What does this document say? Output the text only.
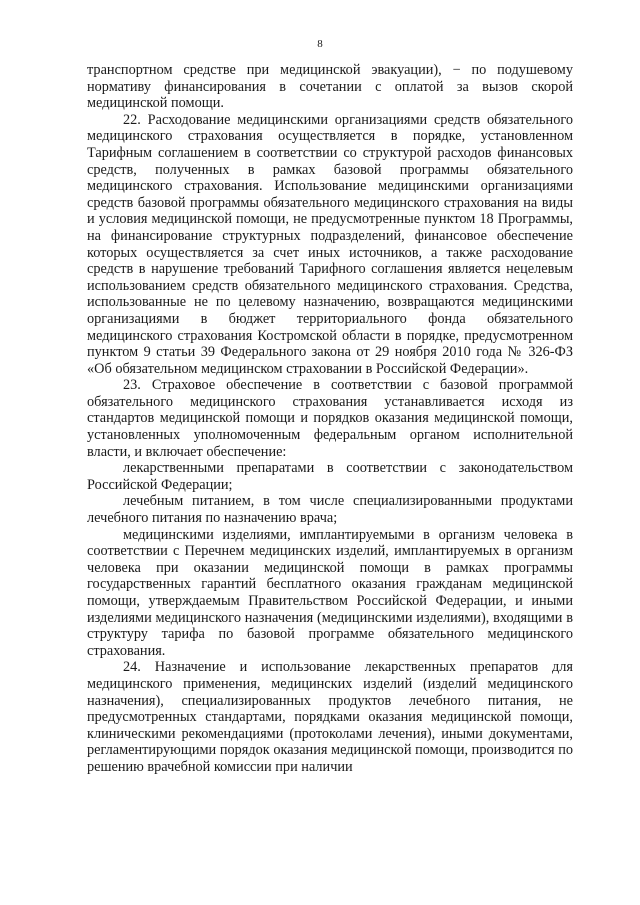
8

транспортном средстве при медицинской эвакуации), − по подушевому нормативу финансирования в сочетании с оплатой за вызов скорой медицинской помощи.

22. Расходование медицинскими организациями средств обязательного медицинского страхования осуществляется в порядке, установленном Тарифным соглашением в соответствии со структурой расходов финансовых средств, полученных в рамках базовой программы обязательного медицинского страхования. Использование медицинскими организациями средств базовой программы обязательного медицинского страхования на виды и условия медицинской помощи, не предусмотренные пунктом 18 Программы, на финансирование структурных подразделений, финансовое обеспечение которых осуществляется за счет иных источников, а также расходование средств в нарушение требований Тарифного соглашения является нецелевым использованием средств обязательного медицинского страхования. Средства, использованные не по целевому назначению, возвращаются медицинскими организациями в бюджет территориального фонда обязательного медицинского страхования Костромской области в порядке, предусмотренном пунктом 9 статьи 39 Федерального закона от 29 ноября 2010 года № 326-ФЗ «Об обязательном медицинском страховании в Российской Федерации».

23. Страховое обеспечение в соответствии с базовой программой обязательного медицинского страхования устанавливается исходя из стандартов медицинской помощи и порядков оказания медицинской помощи, установленных уполномоченным федеральным органом исполнительной власти, и включает обеспечение:

лекарственными препаратами в соответствии с законодательством Российской Федерации;

лечебным питанием, в том числе специализированными продуктами лечебного питания по назначению врача;

медицинскими изделиями, имплантируемыми в организм человека в соответствии с Перечнем медицинских изделий, имплантируемых в организм человека при оказании медицинской помощи в рамках программы государственных гарантий бесплатного оказания гражданам медицинской помощи, утверждаемым Правительством Российской Федерации, и иными изделиями медицинского назначения (медицинскими изделиями), входящими в структуру тарифа по базовой программе обязательного медицинского страхования.

24. Назначение и использование лекарственных препаратов для медицинского применения, медицинских изделий (изделий медицинского назначения), специализированных продуктов лечебного питания, не предусмотренных стандартами, порядками оказания медицинской помощи, клиническими рекомендациями (протоколами лечения), иными документами, регламентирующими порядок оказания медицинской помощи, производится по решению врачебной комиссии при наличии
